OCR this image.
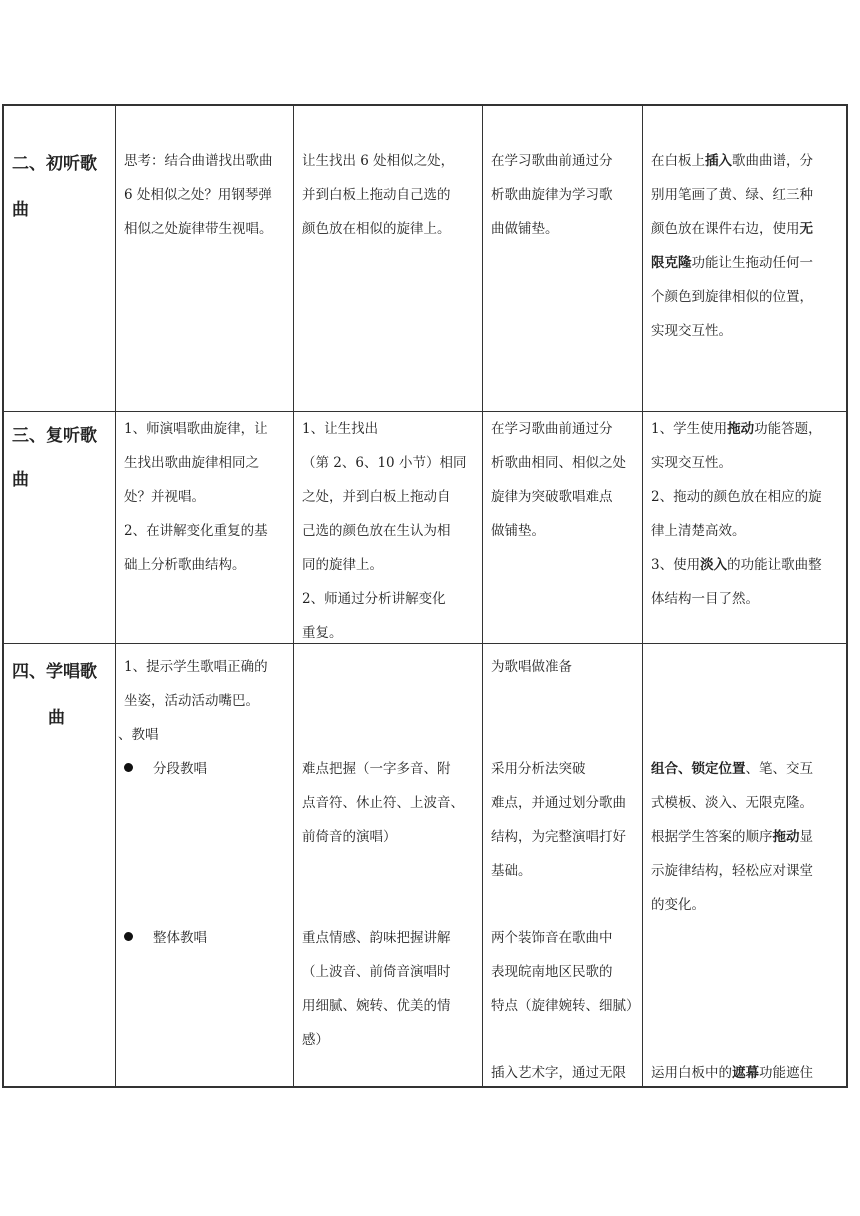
二、初听歌
曲
思考：结合曲谱找出歌曲
6 处相似之处？用钢琴弹
相似之处旋律带生视唱。
让生找出 6 处相似之处，
并到白板上拖动自己选的
颜色放在相似的旋律上。
在学习歌曲前通过分
析歌曲旋律为学习歌
曲做铺垫。
在白板上插入歌曲曲谱，分
别用笔画了黄、绿、红三种
颜色放在课件右边，使用无
限克隆功能让生拖动任何一
个颜色到旋律相似的位置，
实现交互性。
三、复听歌
曲
1、师演唱歌曲旋律，让
生找出歌曲旋律相同之
处？并视唱。
2、在讲解变化重复的基
础上分析歌曲结构。
1、让生找出
（第 2、6、10 小节）相同
之处，并到白板上拖动自
己选的颜色放在生认为相
同的旋律上。
2、师通过分析讲解变化
重复。
在学习歌曲前通过分
析歌曲相同、相似之处
旋律为突破歌唱难点
做铺垫。
1、学生使用拖动功能答题，
实现交互性。
2、拖动的颜色放在相应的旋
律上清楚高效。
3、使用淡入的功能让歌曲整
体结构一目了然。
四、学唱歌
曲
1、提示学生歌唱正确的
坐姿，活动活动嘴巴。
、教唱
分段教唱
整体教唱
难点把握（一字多音、附
点音符、休止符、上波音、
前倚音的演唱）
重点情感、韵味把握讲解
（上波音、前倚音演唱时
用细腻、婉转、优美的情
感）
为歌唱做准备
采用分析法突破
难点，并通过划分歌曲
结构，为完整演唱打好
基础。
两个装饰音在歌曲中
表现皖南地区民歌的
特点（旋律婉转、细腻）
插入艺术字，通过无限
组合、锁定位置、笔、交互
式模板、淡入、无限克隆。
根据学生答案的顺序拖动显
示旋律结构，轻松应对课堂
的变化。
运用白板中的遮幕功能遮住
